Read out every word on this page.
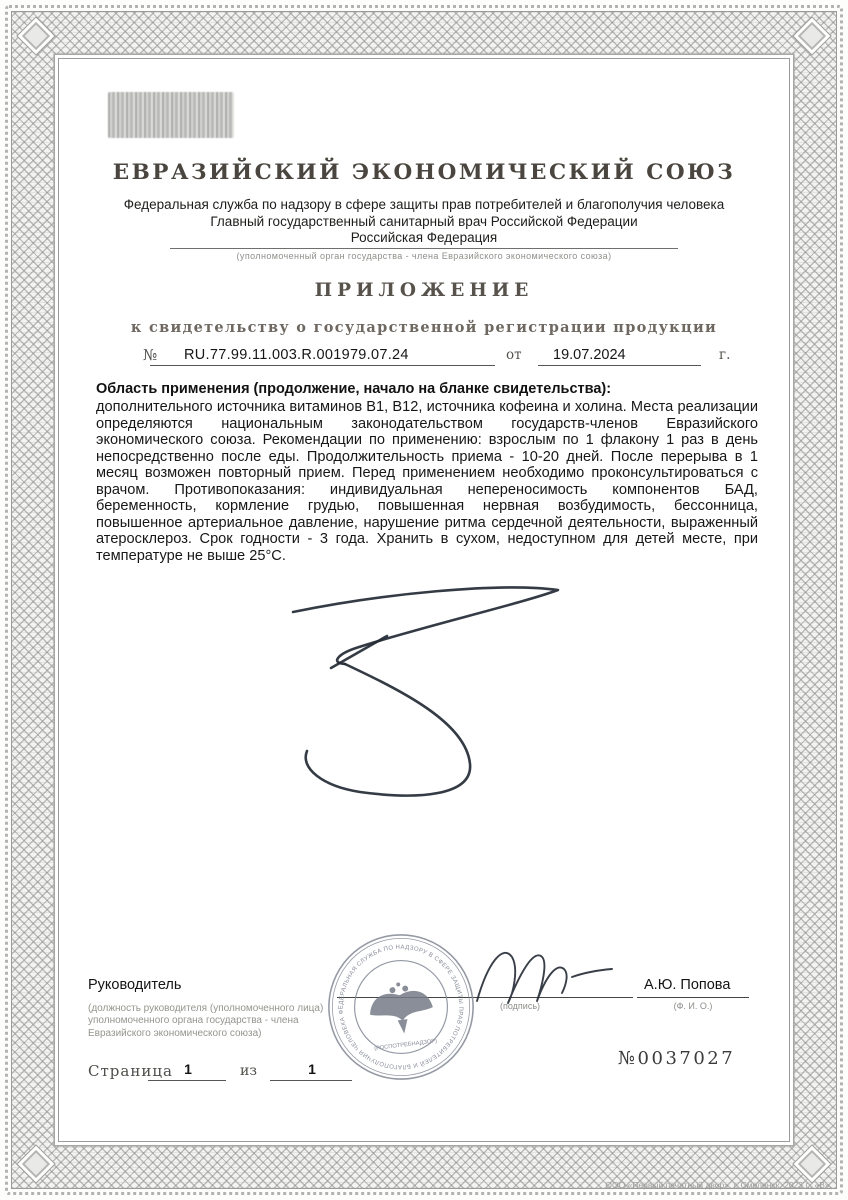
ЕВРАЗИЙСКИЙ ЭКОНОМИЧЕСКИЙ СОЮЗ
Федеральная служба по надзору в сфере защиты прав потребителей и благополучия человека
Главный государственный санитарный врач Российской Федерации
Российская Федерация
(уполномоченный орган государства - члена Евразийского экономического союза)
ПРИЛОЖЕНИЕ
к свидетельству о государственной регистрации продукции
№ RU.77.99.11.003.R.001979.07.24	от 19.07.2024	г.
Область применения (продолжение, начало на бланке свидетельства):
дополнительного источника витаминов В1, В12, источника кофеина и холина. Места реализации определяются национальным законодательством государств-членов Евразийского экономического союза. Рекомендации по применению: взрослым по 1 флакону 1 раз в день непосредственно после еды. Продолжительность приема - 10-20 дней. После перерыва в 1 месяц возможен повторный прием. Перед применением необходимо проконсультироваться с врачом. Противопоказания: индивидуальная непереносимость компонентов БАД, беременность, кормление грудью, повышенная нервная возбудимость, бессонница, повышенное артериальное давление, нарушение ритма сердечной деятельности, выраженный атеросклероз. Срок годности - 3 года. Хранить в сухом, недоступном для детей месте, при температуре не выше 25°С.
ФЕДЕРАЛЬНАЯ СЛУЖБА ПО НАДЗОРУ В СФЕРЕ ЗАЩИТЫ ПРАВ ПОТРЕБИТЕЛЕЙ И БЛАГОПОЛУЧИЯ ЧЕЛОВЕКА
(РОСПОТРЕБНАДЗОР)
Руководитель
(подпись)
А.Ю. Попова
(Ф. И. О.)
(должность руководителя (уполномоченного лица) уполномоченного органа государства - члена Евразийского экономического союза)
Страница 1	из	1	№0037027
ООО «Первый печатный двор», г. Смоленск, 2023 г., «В».
